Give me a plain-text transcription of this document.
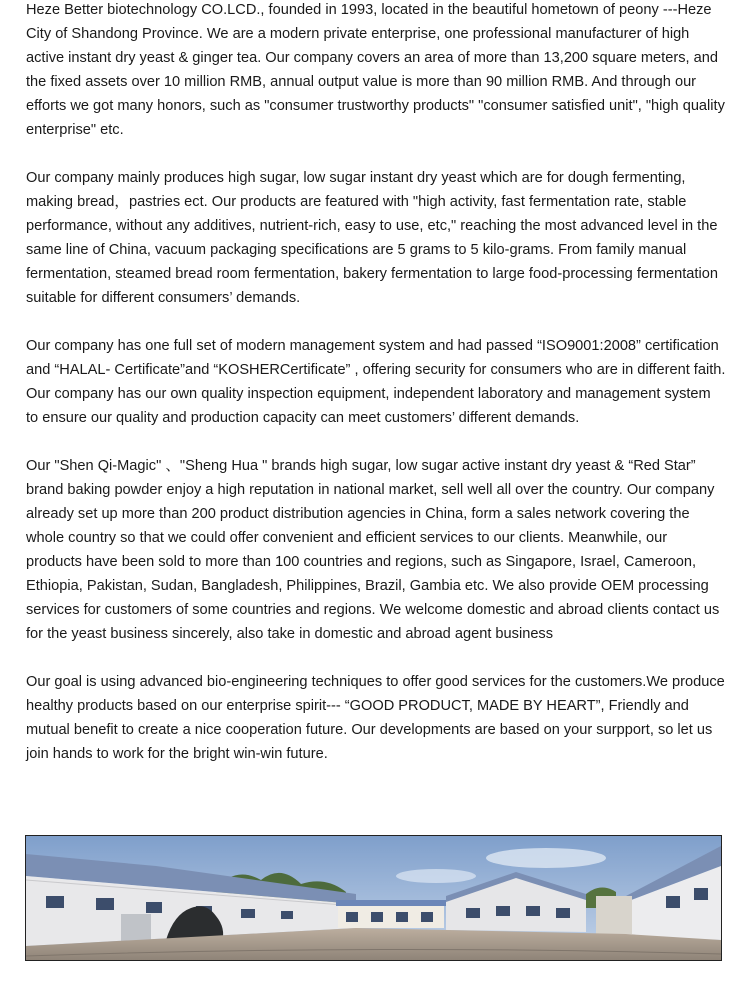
Heze Better biotechnology CO.LCD., founded in 1993, located in the beautiful hometown of peony ---Heze City of Shandong Province. We are a modern private enterprise, one professional manufacturer of high active instant dry yeast & ginger tea. Our company covers an area of more than 13,200 square meters, and the fixed assets over 10 million RMB, annual output value is more than 90 million RMB. And through our efforts we got many honors, such as "consumer trustworthy products" "consumer satisfied unit", "high quality enterprise" etc.

Our company mainly produces high sugar, low sugar instant dry yeast which are for dough fermenting, making bread，pastries ect. Our products are featured with "high activity, fast fermentation rate, stable performance, without any additives, nutrient-rich, easy to use, etc," reaching the most advanced level in the same line of China, vacuum packaging specifications are 5 grams to 5 kilo-grams. From family manual fermentation, steamed bread room fermentation, bakery fermentation to large food-processing fermentation suitable for different consumers’ demands.

Our company has one full set of modern management system and had passed “ISO9001:2008” certification and “HALAL- Certificate”and “KOSHERCertificate” , offering security for consumers who are in different faith. Our company has our own quality inspection equipment, independent laboratory and management system to ensure our quality and production capacity can meet customers’ different demands.

Our "Shen Qi-Magic" 、"Sheng Hua " brands high sugar, low sugar active instant dry yeast & “Red Star” brand baking powder enjoy a high reputation in national market, sell well all over the country. Our company already set up more than 200 product distribution agencies in China, form a sales network covering the whole country so that we could offer convenient and efficient services to our clients. Meanwhile, our products have been sold to more than 100 countries and regions, such as Singapore, Israel, Cameroon, Ethiopia, Pakistan, Sudan, Bangladesh, Philippines, Brazil, Gambia etc. We also provide OEM processing services for customers of some countries and regions. We welcome domestic and abroad clients contact us for the yeast business sincerely, also take in domestic and abroad agent business

Our goal is using advanced bio-engineering techniques to offer good services for the customers.We produce healthy products based on our enterprise spirit--- “GOOD PRODUCT, MADE BY HEART”, Friendly and mutual benefit to create a nice cooperation future. Our developments are based on your surpport, so let us join hands to work for the bright win-win future.
